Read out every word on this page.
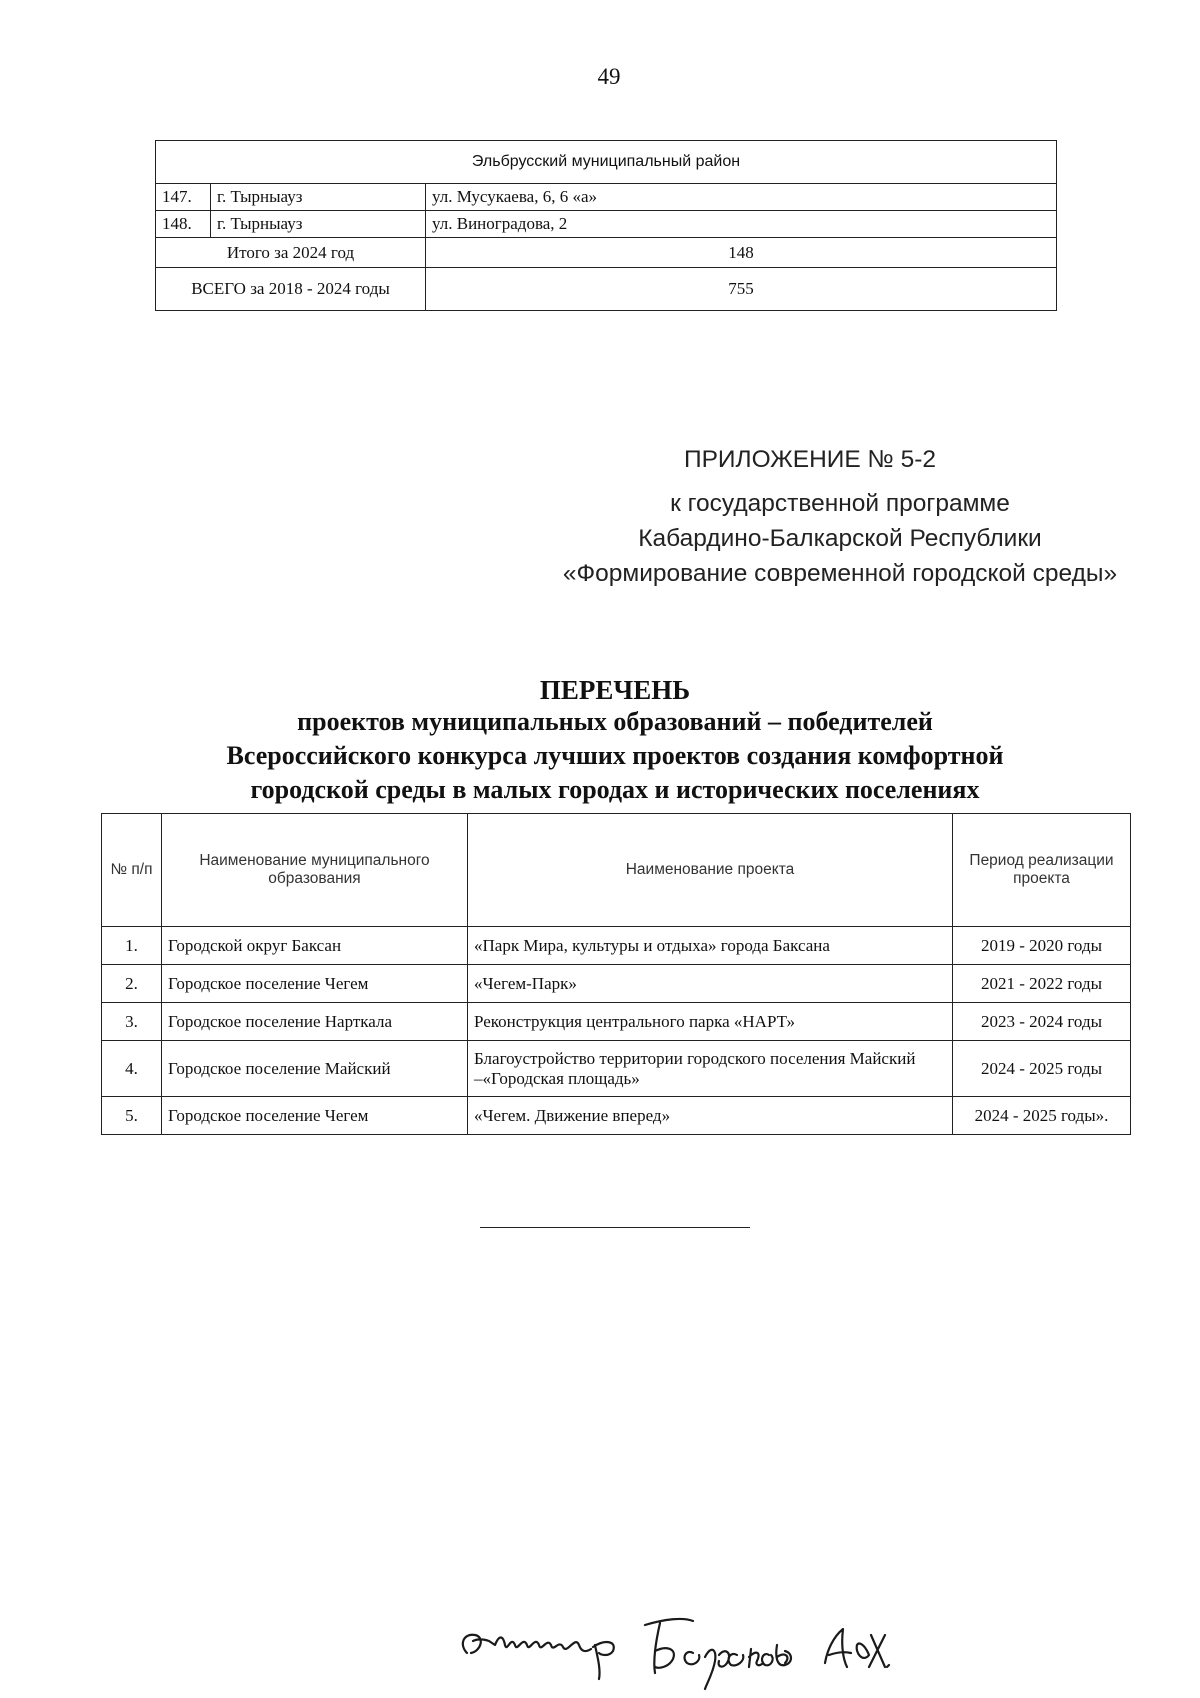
49
Эльбрусский муниципальный район		
147.	г. Тырныауз	ул. Мусукаева, 6, 6 «а»
148.	г. Тырныауз	ул. Виноградова, 2
Итого за 2024 год		148
ВСЕГО за 2018 - 2024 годы		755
ПРИЛОЖЕНИЕ № 5-2
к государственной программе
Кабардино-Балкарской Республики
«Формирование современной городской среды»
ПЕРЕЧЕНЬ
проектов муниципальных образований – победителей
Всероссийского конкурса лучших проектов создания комфортной
городской среды в малых городах и исторических поселениях
№ п/п	Наименование муниципального образования	Наименование проекта	Период реализации проекта
1.	Городской округ Баксан	«Парк Мира, культуры и отдыха» города Баксана	2019 - 2020 годы
2.	Городское поселение Чегем	«Чегем-Парк»	2021 - 2022 годы
3.	Городское поселение Нарткала	Реконструкция центрального парка «НАРТ»	2023 - 2024 годы
4.	Городское поселение Майский	Благоустройство территории городского поселения Майский –«Городская площадь»	2024 - 2025 годы
5.	Городское поселение Чегем	«Чегем. Движение вперед»	2024 - 2025 годы».
